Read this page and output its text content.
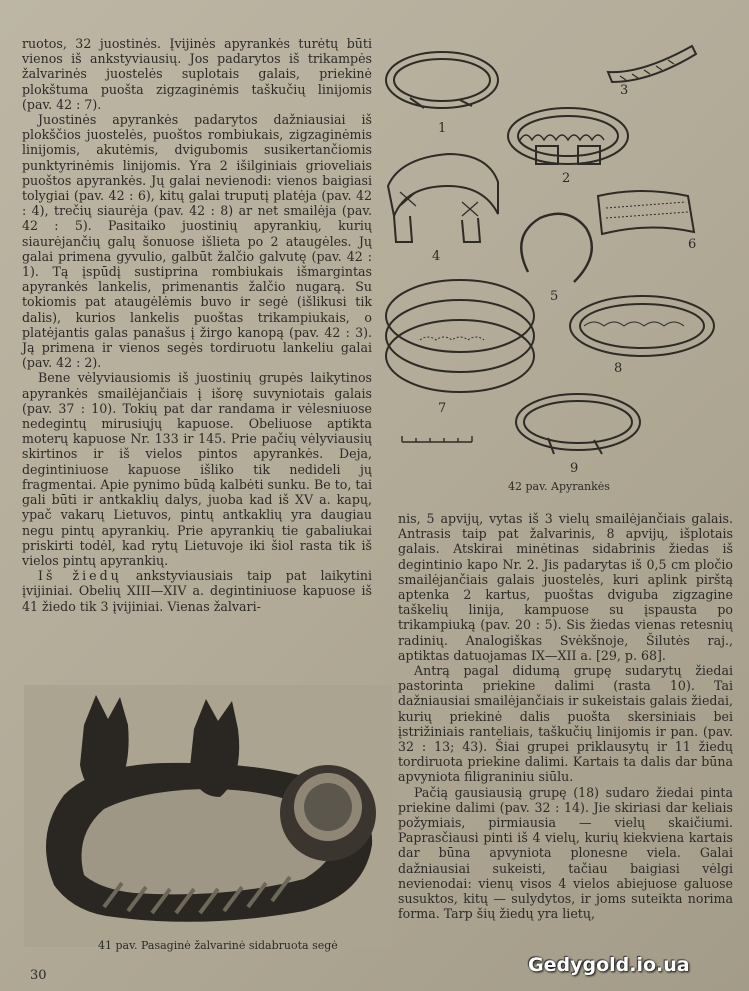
ruotos, 32 juostinės. Įvijinės apyrankės turėtų būti vienos iš ankstyviausių. Jos padarytos iš trikampės žalvarinės juostelės suplotais galais, priekinė plokštuma puošta zigzaginėmis taškučių linijomis (pav. 42 : 7).

Juostinės apyrankės padarytos dažniausiai iš plokščios juostelės, puoštos rombiukais, zigzaginėmis linijomis, akutėmis, dvigubomis susikertančiomis punktyrinėmis linijomis. Yra 2 išilginiais grioveliais puoštos apyrankės. Jų galai nevienodi: vienos baigiasi tolygiai (pav. 42 : 6), kitų galai truputį platėja (pav. 42 : 4), trečių siaurėja (pav. 42 : 8) ar net smailėja (pav. 42 : 5). Pasitaiko juostinių apyrankių, kurių siaurėjančių galų šonuose išlieta po 2 ataugėles. Jų galai primena gyvulio, galbūt žalčio galvutę (pav. 42 : 1). Tą įspūdį sustiprina rombiukais išmargintas apyrankės lankelis, primenantis žalčio nugarą. Su tokiomis pat ataugėlėmis buvo ir segė (išlikusi tik dalis), kurios lankelis puoštas trikampiukais, o platėjantis galas panašus į žirgo kanopą (pav. 42 : 3). Ją primena ir vienos segės tordiruotu lankeliu galai (pav. 42 : 2).

Bene vėlyviausiomis iš juostinių grupės laikytinos apyrankės smailėjančiais į išorę suvyniotais galais (pav. 37 : 10). Tokių pat dar randama ir vėlesniuose nedegintų mirusiųjų kapuose. Obeliuose aptikta moterų kapuose Nr. 133 ir 145. Prie pačių vėlyviausių skirtinos ir iš vielos pintos apyrankės. Deja, degintiniuose kapuose išliko tik nedideli jų fragmentai. Apie pynimo būdą kalbėti sunku. Be to, tai gali būti ir antkaklių dalys, juoba kad iš XV a. kapų, ypač vakarų Lietuvos, pintų antkaklių yra daugiau negu pintų apyrankių. Prie apyrankių tie gabaliukai priskirti todėl, kad rytų Lietuvoje iki šiol rasta tik iš vielos pintų apyrankių.

Iš žiedų ankstyviausiais taip pat laikytini įvijiniai. Obelių XIII—XIV a. degintiniuose kapuose iš 41 žiedo tik 3 įvijiniai. Vienas žalvari-

nis, 5 apvijų, vytas iš 3 vielų smailėjančiais galais. Antrasis taip pat žalvarinis, 8 apvijų, išplotais galais. Atskirai minėtinas sidabrinis žiedas iš degintinio kapo Nr. 2. Jis padarytas iš 0,5 cm pločio smailėjančiais galais juostelės, kuri aplink pirštą aptenka 2 kartus, puoštas dviguba zigzagine taškelių linija, kampuose su įspausta po trikampiuką (pav. 20 : 5). Sis žiedas vienas retesnių radinių. Analogiškas Svėkšnoje, Šilutės raj., aptiktas datuojamas IX—XII a. [29, p. 68].

Antrą pagal didumą grupę sudarytų žiedai pastorinta priekine dalimi (rasta 10). Tai dažniausiai smailėjančiais ir sukeistais galais žiedai, kurių priekinė dalis puošta skersiniais bei įstrižiniais ranteliais, taškučių linijomis ir pan. (pav. 32 : 13; 43). Šiai grupei priklausytų ir 11 žiedų tordiruota priekine dalimi. Kartais ta dalis dar būna apvyniota filigraniniu siūlu.

Pačią gausiausią grupę (18) sudaro žiedai pinta priekine dalimi (pav. 32 : 14). Jie skiriasi dar keliais požymiais, pirmiausia — vielų skaičiumi. Paprasčiausi pinti iš 4 vielų, kurių kiekviena kartais dar būna apvyniota plonesne viela. Galai dažniausiai sukeisti, tačiau baigiasi vėlgi nevienodai: vienų visos 4 vielos abiejuose galuose susuktos, kitų — sulydytos, ir joms suteikta norima forma. Tarp šių žiedų yra lietų,

1
2
3
4
5
6
7
8
9
42 pav. Apyrankės
41 pav. Pasaginė žalvarinė sidabruota segė
30	Gedygold.io.ua
